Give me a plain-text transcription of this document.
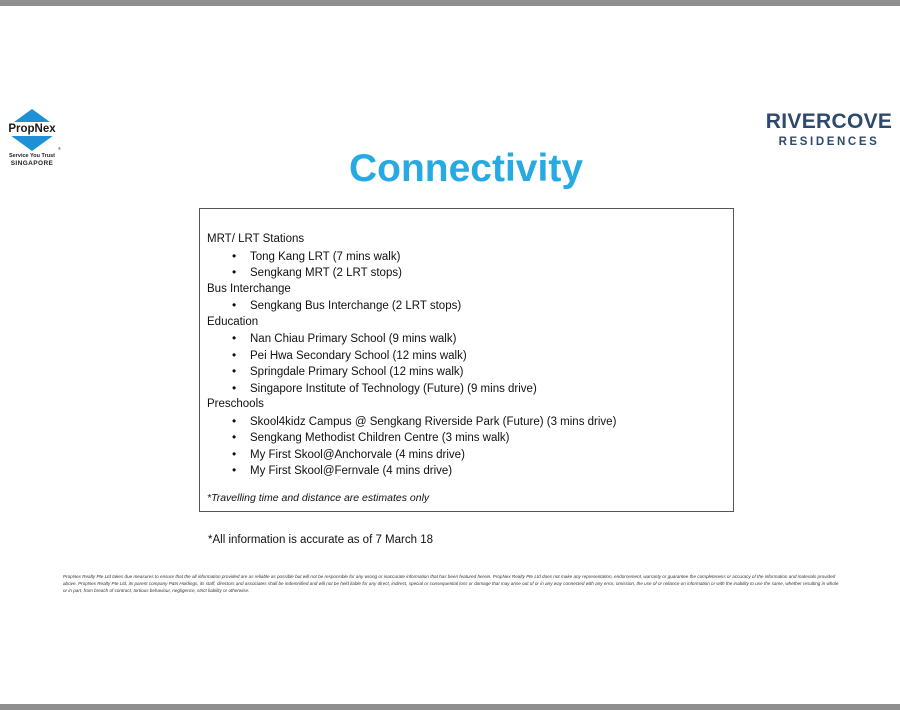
PropNex
®
Service You Trust
SINGAPORE
RIVERCOVE
RESIDENCES
Connectivity
MRT/ LRT Stations
• Tong Kang LRT (7 mins walk)
• Sengkang MRT (2 LRT stops)
Bus Interchange
• Sengkang Bus Interchange (2 LRT stops)
Education
• Nan Chiau Primary School (9 mins walk)
• Pei Hwa Secondary School (12 mins walk)
• Springdale Primary School (12 mins walk)
• Singapore Institute of Technology (Future) (9 mins drive)
Preschools
• Skool4kidz Campus @ Sengkang Riverside Park (Future) (3 mins drive)
• Sengkang Methodist Children Centre (3 mins walk)
• My First Skool@Anchorvale (4 mins drive)
• My First Skool@Fernvale (4 mins drive)
*Travelling time and distance are estimates only
*All information is accurate as of 7 March 18
PropNex Realty Pte Ltd takes due measures to ensure that the all information provided are as reliable as possible but will not be responsible for any wrong or inaccurate information that has been featured herein. PropNex Realty Pte Ltd does not make any representation, endorsement, warranty or guarantee the completeness or accuracy of the information and materials provided above. PropNex Realty Pte Ltd, its parent company P&N Holdings, its staff, directors and associates shall be indemnified and will not be held liable for any direct, indirect, special or consequential loss or damage that may arise out of or in any way connected with any error, omission, the use of or reliance on information or with the inability to use the same, whether resulting in whole or in part, from breach of contract, tortious behaviour, negligence, strict liability or otherwise.
